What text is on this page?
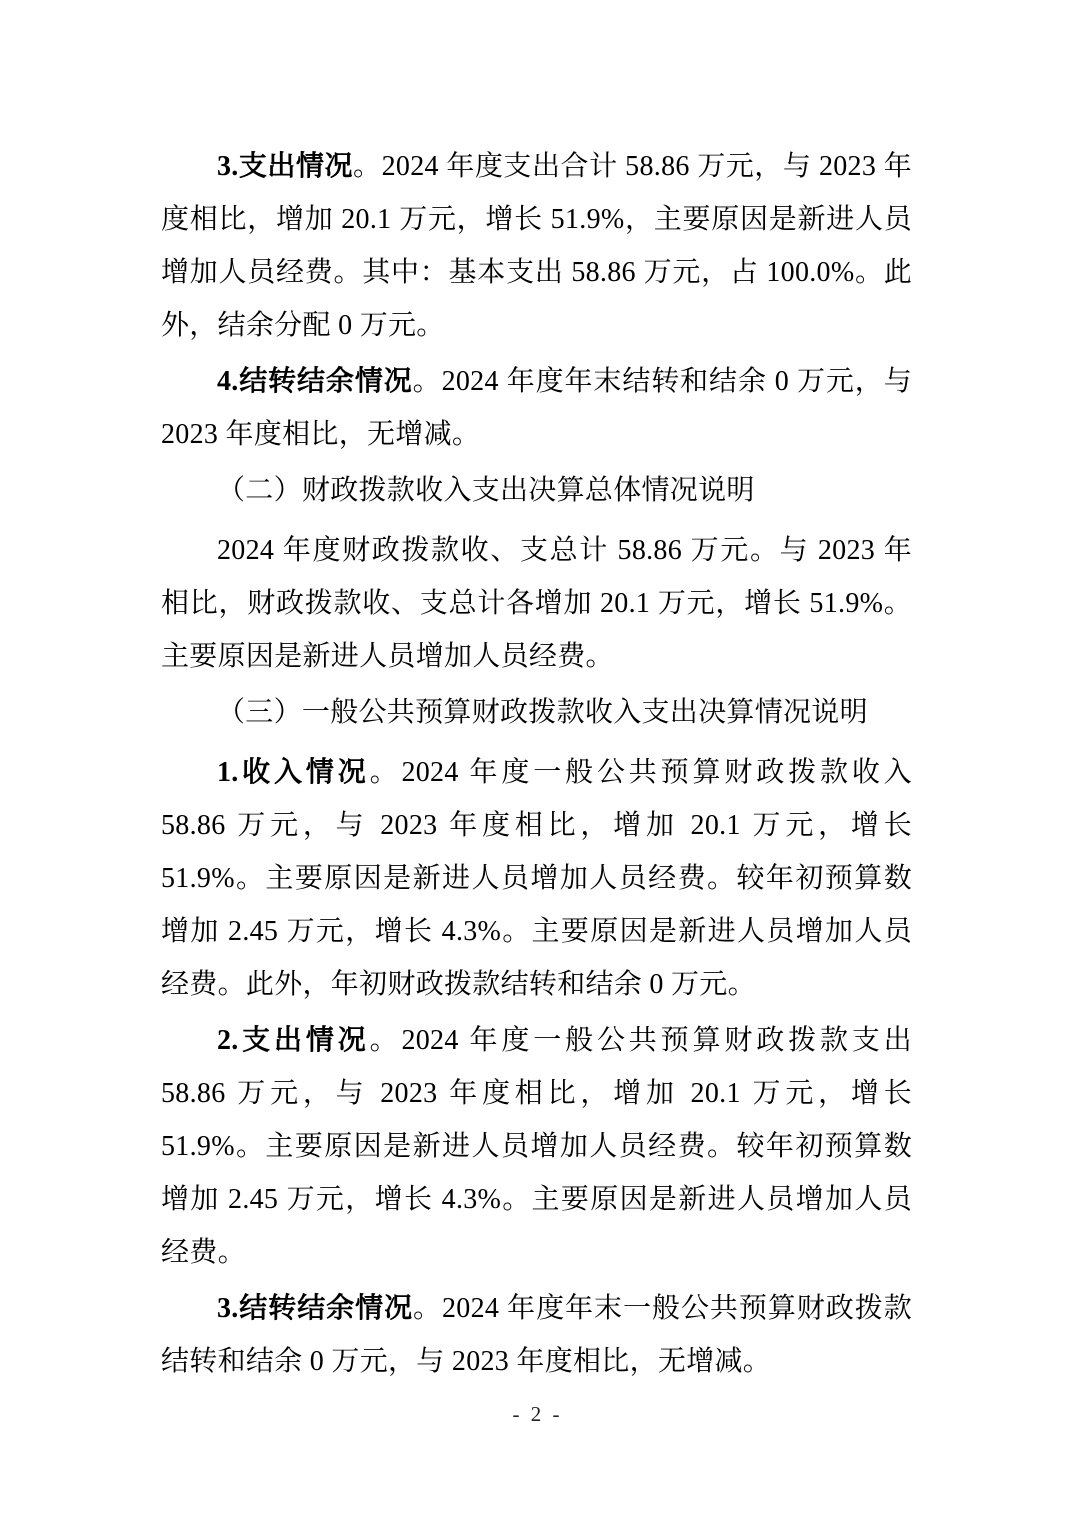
3.支出情况。2024 年度支出合计 58.86 万元，与 2023 年度相比，增加 20.1 万元，增长 51.9%，主要原因是新进人员增加人员经费。其中：基本支出 58.86 万元，占 100.0%。此外，结余分配 0 万元。

4.结转结余情况。2024 年度年末结转和结余 0 万元，与 2023 年度相比，无增减。

（二）财政拨款收入支出决算总体情况说明

2024 年度财政拨款收、支总计 58.86 万元。与 2023 年相比，财政拨款收、支总计各增加 20.1 万元，增长 51.9%。主要原因是新进人员增加人员经费。

（三）一般公共预算财政拨款收入支出决算情况说明

1.收入情况。2024 年度一般公共预算财政拨款收入 58.86 万元，与 2023 年度相比，增加 20.1 万元，增长 51.9%。主要原因是新进人员增加人员经费。较年初预算数增加 2.45 万元，增长 4.3%。主要原因是新进人员增加人员经费。此外，年初财政拨款结转和结余 0 万元。

2.支出情况。2024 年度一般公共预算财政拨款支出 58.86 万元，与 2023 年度相比，增加 20.1 万元，增长 51.9%。主要原因是新进人员增加人员经费。较年初预算数增加 2.45 万元，增长 4.3%。主要原因是新进人员增加人员经费。

3.结转结余情况。2024 年度年末一般公共预算财政拨款结转和结余 0 万元，与 2023 年度相比，无增减。

- 2 -
